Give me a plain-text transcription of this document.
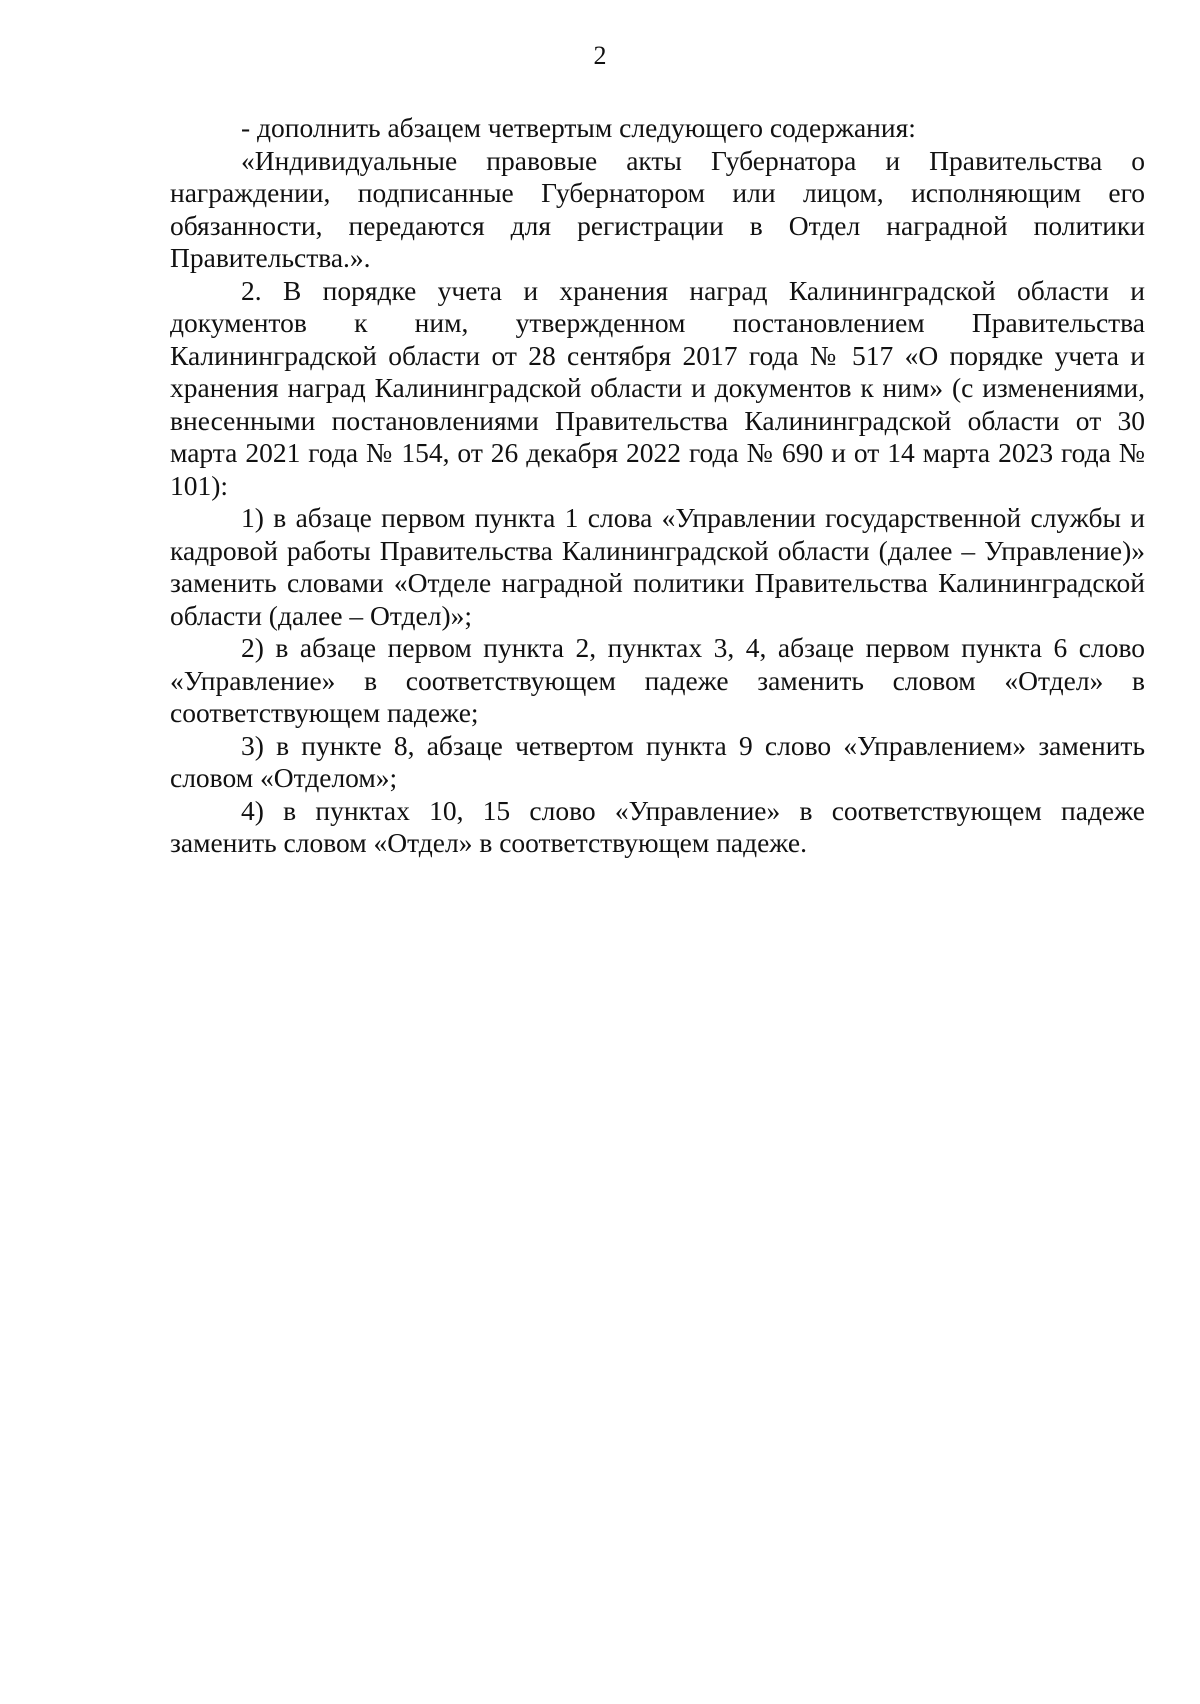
2

- дополнить абзацем четвертым следующего содержания:

«Индивидуальные правовые акты Губернатора и Правительства о награждении, подписанные Губернатором или лицом, исполняющим его обязанности, передаются для регистрации в Отдел наградной политики Правительства.».

2. В порядке учета и хранения наград Калининградской области и документов к ним, утвержденном постановлением Правительства Калининградской области от 28 сентября 2017 года № 517 «О порядке учета и хранения наград Калининградской области и документов к ним» (с изменениями, внесенными постановлениями Правительства Калининградской области от 30 марта 2021 года № 154, от 26 декабря 2022 года № 690 и от 14 марта 2023 года № 101):

1) в абзаце первом пункта 1 слова «Управлении государственной службы и кадровой работы Правительства Калининградской области (далее – Управление)» заменить словами «Отделе наградной политики Правительства Калининградской области (далее – Отдел)»;

2) в абзаце первом пункта 2, пунктах 3, 4, абзаце первом пункта 6 слово «Управление» в соответствующем падеже заменить словом «Отдел» в соответствующем падеже;

3) в пункте 8, абзаце четвертом пункта 9 слово «Управлением» заменить словом «Отделом»;

4) в пунктах 10, 15 слово «Управление» в соответствующем падеже заменить словом «Отдел» в соответствующем падеже.
